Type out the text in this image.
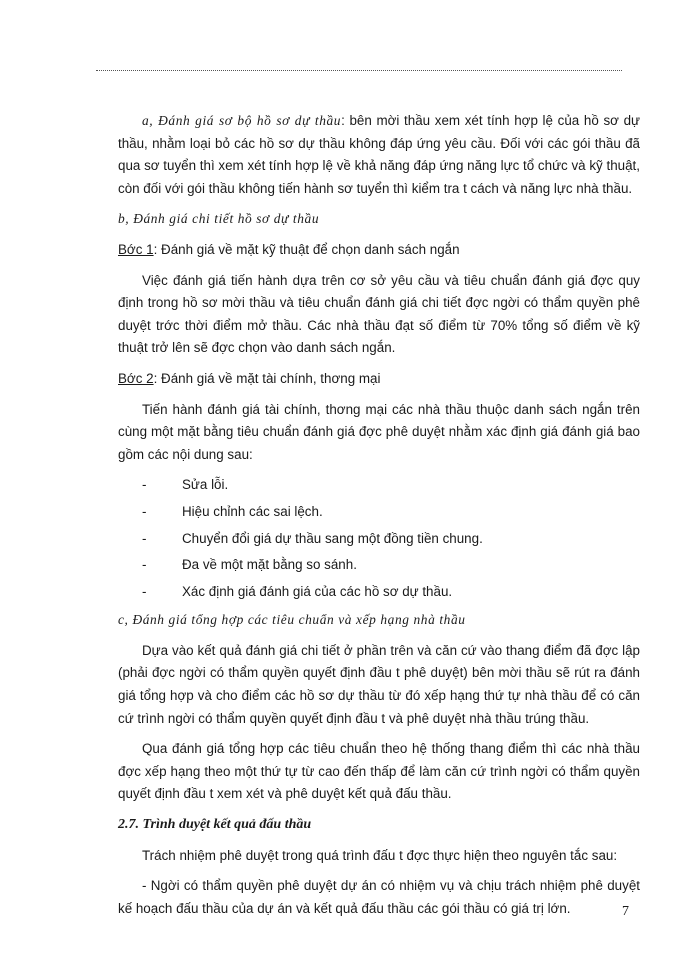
a, Đánh giá sơ bộ hồ sơ dự thầu: bên mời thầu xem xét tính hợp lệ của hồ sơ dự thầu, nhằm loại bỏ các hồ sơ dự thầu không đáp ứng yêu cầu. Đối với các gói thầu đã qua sơ tuyển thì xem xét tính hợp lệ về khả năng đáp ứng năng lực tổ chức và kỹ thuật, còn đối với gói thầu không tiến hành sơ tuyển thì kiểm tra t cách và năng lực nhà thầu.

b, Đánh giá chi tiết hồ sơ dự thầu

Bớc 1: Đánh giá về mặt kỹ thuật để chọn danh sách ngắn

Việc đánh giá tiến hành dựa trên cơ sở yêu cầu và tiêu chuẩn đánh giá đợc quy định trong hồ sơ mời thầu và tiêu chuẩn đánh giá chi tiết đợc ngời có thẩm quyền phê duyệt trớc thời điểm mở thầu. Các nhà thầu đạt số điểm từ 70% tổng số điểm về kỹ thuật trở lên sẽ đợc chọn vào danh sách ngắn.

Bớc 2: Đánh giá về mặt tài chính, thơng mại

Tiến hành đánh giá tài chính, thơng mại các nhà thầu thuộc danh sách ngắn trên cùng một mặt bằng tiêu chuẩn đánh giá đợc phê duyệt nhằm xác định giá đánh giá bao gồm các nội dung sau:

-	Sửa lỗi.
-	Hiệu chỉnh các sai lệch.
-	Chuyển đổi giá dự thầu sang một đồng tiền chung.
-	Đa về một mặt bằng so sánh.
-	Xác định giá đánh giá của các hồ sơ dự thầu.

c, Đánh giá tổng hợp các tiêu chuẩn và xếp hạng nhà thầu

Dựa vào kết quả đánh giá chi tiết ở phần trên và căn cứ vào thang điểm đã đợc lập (phải đợc ngời có thẩm quyền quyết định đầu t phê duyệt) bên mời thầu sẽ rút ra đánh giá tổng hợp và cho điểm các hồ sơ dự thầu từ đó xếp hạng thứ tự nhà thầu để có căn cứ trình ngời có thẩm quyền quyết định đầu t và phê duyệt nhà thầu trúng thầu.

Qua đánh giá tổng hợp các tiêu chuẩn theo hệ thống thang điểm thì các nhà thầu đợc xếp hạng theo một thứ tự từ cao đến thấp để làm căn cứ trình ngời có thẩm quyền quyết định đầu t xem xét và phê duyệt kết quả đấu thầu.

2.7. Trình duyệt kết quả đấu thầu

Trách nhiệm phê duyệt trong quá trình đấu t đợc thực hiện theo nguyên tắc sau:

- Ngời có thẩm quyền phê duyệt dự án có nhiệm vụ và chịu trách nhiệm phê duyệt kế hoạch đấu thầu của dự án và kết quả đấu thầu các gói thầu có giá trị lớn.	7
